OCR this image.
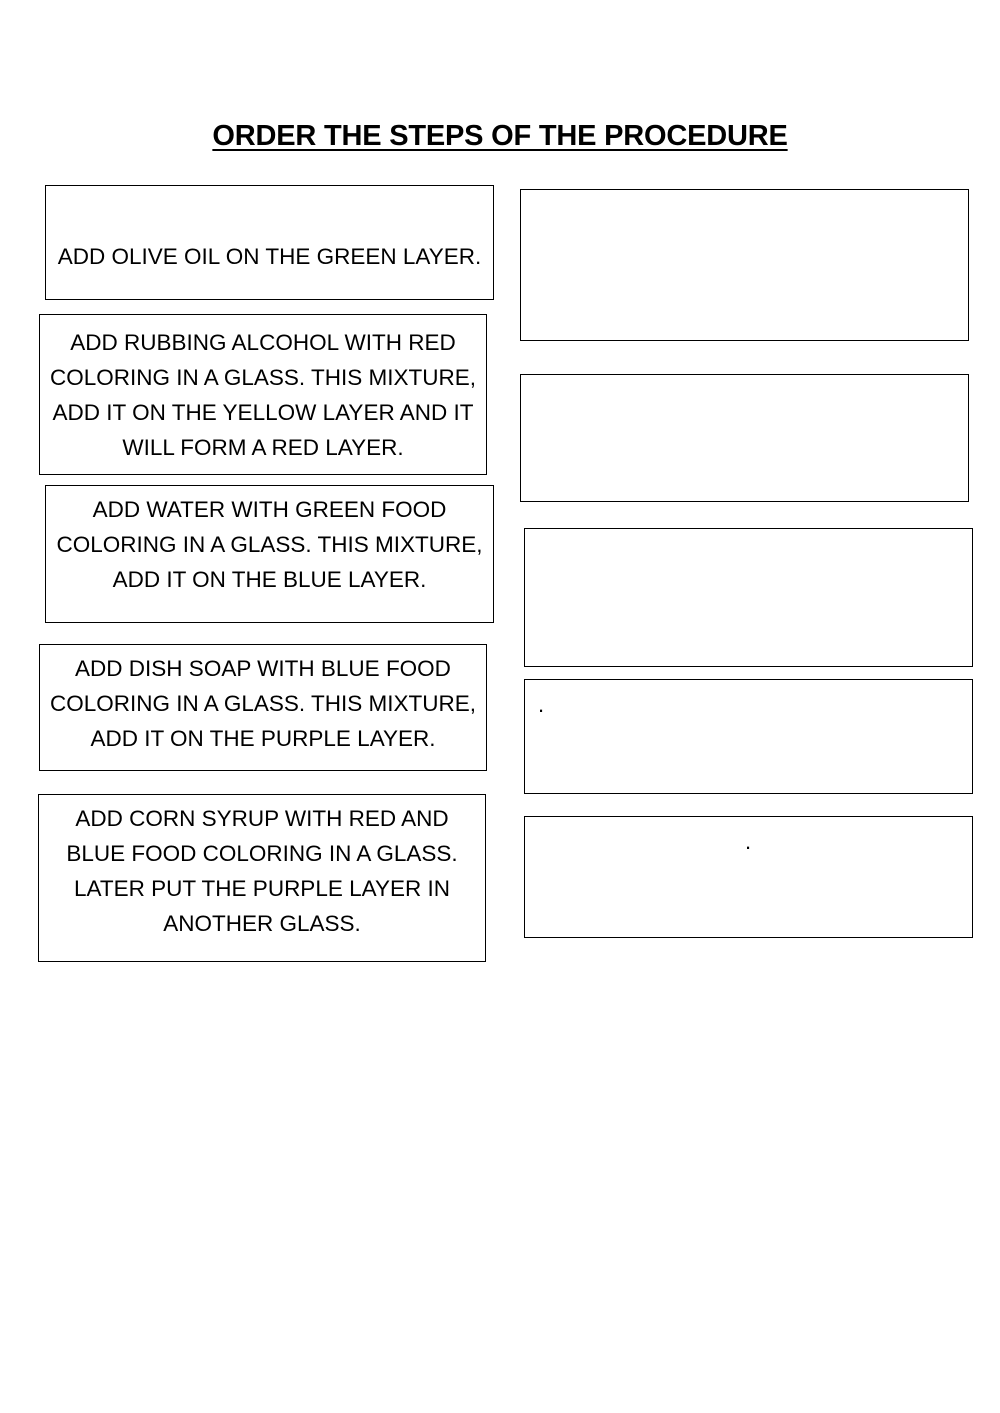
ORDER THE STEPS OF THE PROCEDURE
ADD OLIVE OIL ON THE GREEN LAYER.
ADD RUBBING ALCOHOL WITH RED
COLORING IN A GLASS. THIS MIXTURE,
ADD IT ON THE YELLOW LAYER AND IT
WILL FORM A RED LAYER.
ADD WATER WITH GREEN FOOD
COLORING IN A GLASS. THIS MIXTURE,
ADD IT ON THE BLUE LAYER.
ADD DISH SOAP WITH BLUE FOOD
COLORING IN A GLASS. THIS MIXTURE,
ADD IT ON THE PURPLE LAYER.
ADD CORN SYRUP WITH RED AND
BLUE FOOD COLORING IN A GLASS.
LATER PUT THE PURPLE LAYER IN
ANOTHER GLASS.
.
.
